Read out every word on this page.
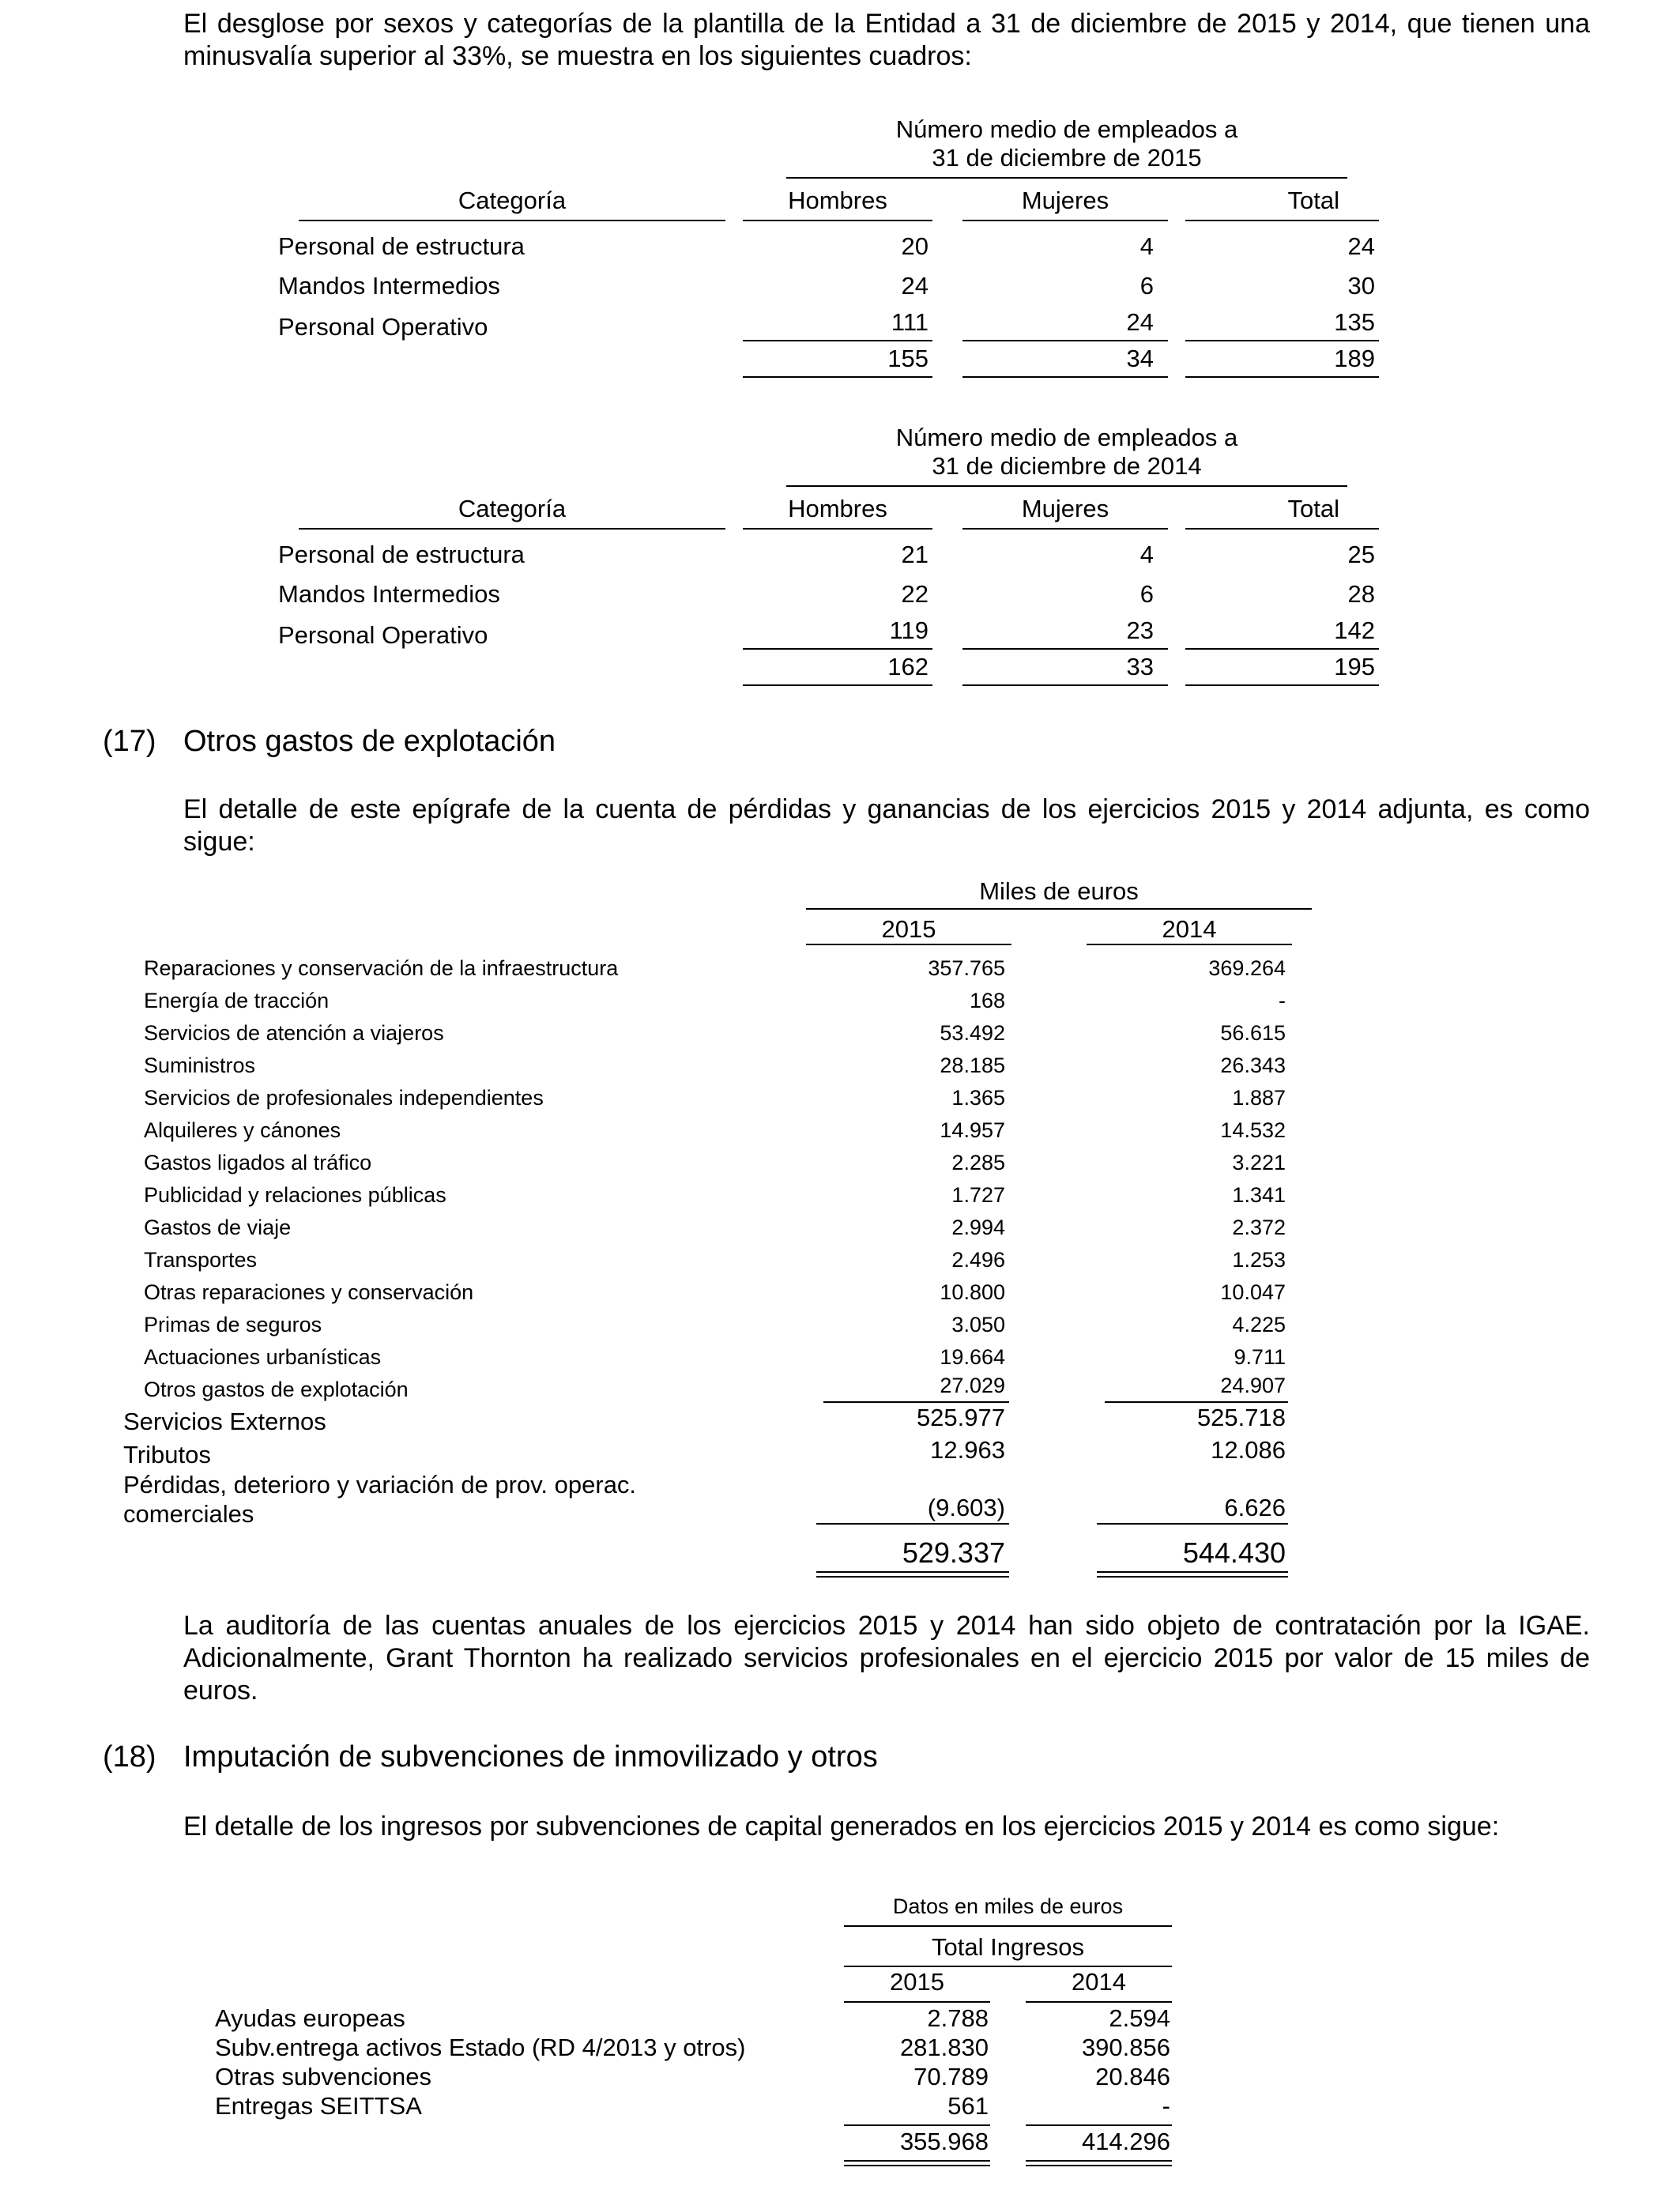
El desglose por sexos y categorías de la plantilla de la Entidad a 31 de diciembre de 2015 y 2014, que tienen una minusvalía superior al 33%, se muestra en los siguientes cuadros:
Número medio de empleados a
31 de diciembre de 2015
Categoría	Hombres	Mujeres	Total
Personal de estructura	20	4	24
Mandos Intermedios	24	6	30
Personal Operativo	111	24	135
155	34	189
Número medio de empleados a
31 de diciembre de 2014
Categoría	Hombres	Mujeres	Total
Personal de estructura	21	4	25
Mandos Intermedios	22	6	28
Personal Operativo	119	23	142
162	33	195
(17) Otros gastos de explotación
El detalle de este epígrafe de la cuenta de pérdidas y ganancias de los ejercicios 2015 y 2014 adjunta, es como sigue:
Miles de euros
2015	2014
Reparaciones y conservación de la infraestructura	357.765	369.264
Energía de tracción	168	-
Servicios de atención a viajeros	53.492	56.615
Suministros	28.185	26.343
Servicios de profesionales independientes	1.365	1.887
Alquileres y cánones	14.957	14.532
Gastos ligados al tráfico	2.285	3.221
Publicidad y relaciones públicas	1.727	1.341
Gastos de viaje	2.994	2.372
Transportes	2.496	1.253
Otras reparaciones y conservación	10.800	10.047
Primas de seguros	3.050	4.225
Actuaciones urbanísticas	19.664	9.711
Otros gastos de explotación	27.029	24.907
Servicios Externos	525.977	525.718
Tributos	12.963	12.086
Pérdidas, deterioro y variación de prov. operac.
comerciales	(9.603)	6.626
529.337	544.430
La auditoría de las cuentas anuales de los ejercicios 2015 y 2014 han sido objeto de contratación por la IGAE. Adicionalmente, Grant Thornton ha realizado servicios profesionales en el ejercicio 2015 por valor de 15 miles de euros.
(18) Imputación de subvenciones de inmovilizado y otros
El detalle de los ingresos por subvenciones de capital generados en los ejercicios 2015 y 2014 es como sigue:
Datos en miles de euros
Total Ingresos
2015	2014
Ayudas europeas	2.788	2.594
Subv.entrega activos Estado (RD 4/2013 y otros)	281.830	390.856
Otras subvenciones	70.789	20.846
Entregas SEITTSA	561	-
355.968	414.296
